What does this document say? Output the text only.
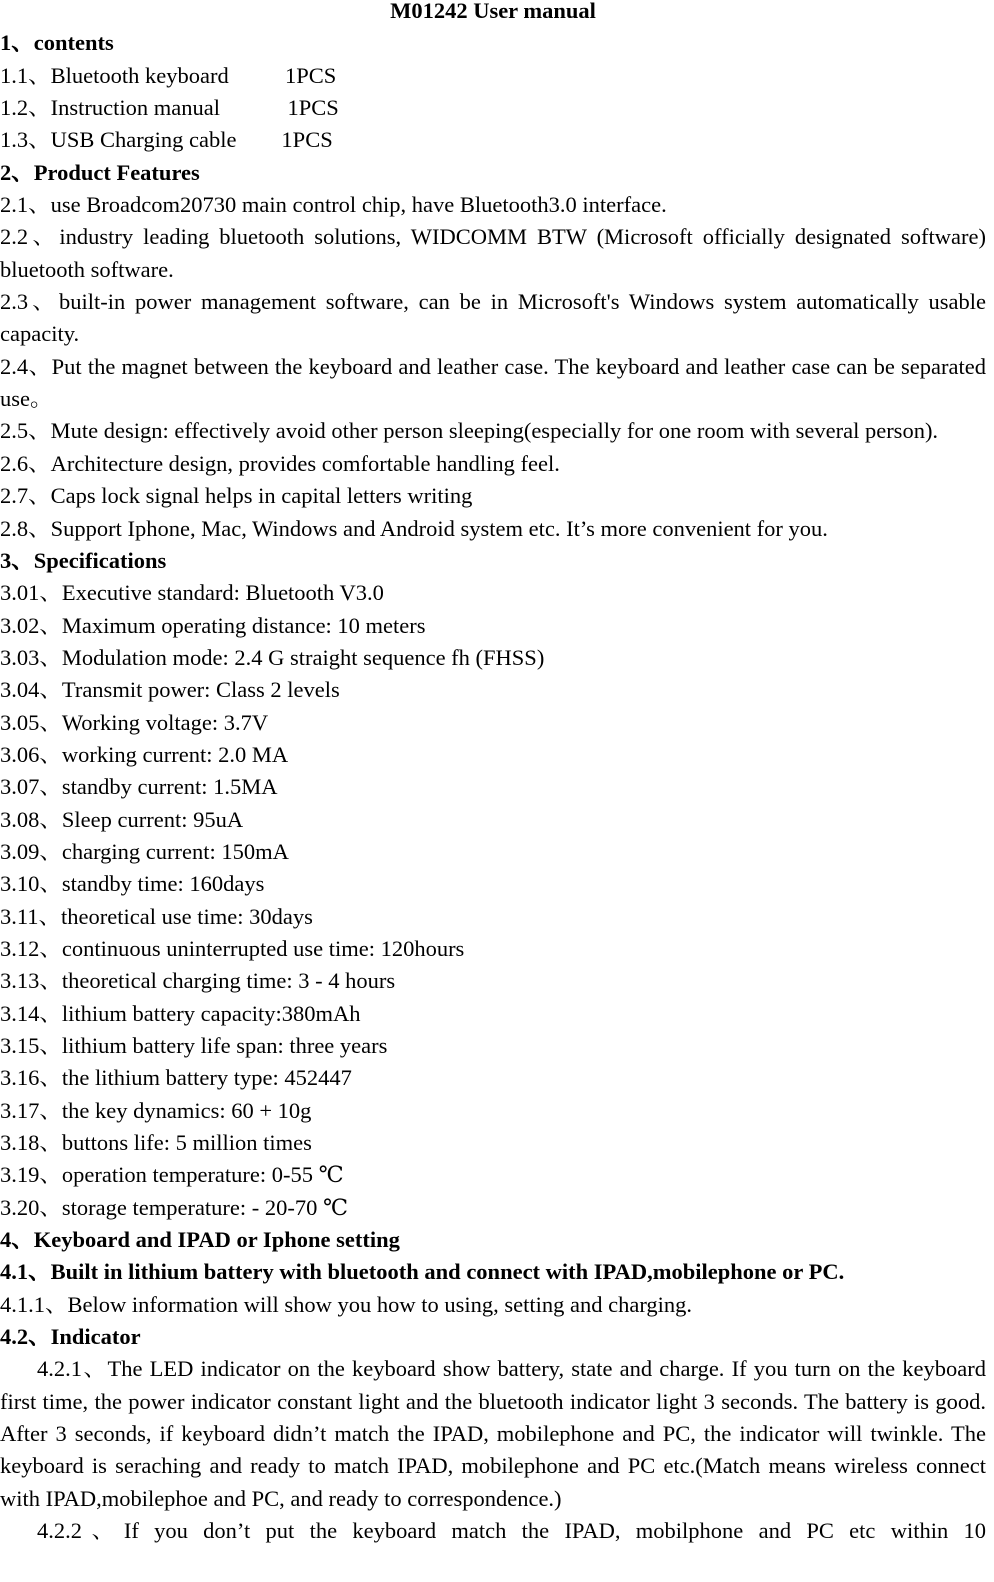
M01242 User manual
1、contents
1.1、Bluetooth keyboard          1PCS
1.2、Instruction manual            1PCS
1.3、USB Charging cable        1PCS
2、Product Features
2.1、use Broadcom20730 main control chip, have Bluetooth3.0 interface.
2.2、industry leading bluetooth solutions, WIDCOMM BTW (Microsoft officially designated software) bluetooth software.
2.3、built-in power management software, can be in Microsoft's Windows system automatically usable capacity.
2.4、Put the magnet between the keyboard and leather case. The keyboard and leather case can be separated use。
2.5、Mute design: effectively avoid other person sleeping(especially for one room with several person).
2.6、Architecture design, provides comfortable handling feel.
2.7、Caps lock signal helps in capital letters writing
2.8、Support Iphone, Mac, Windows and Android system etc. It’s more convenient for you.
3、Specifications
3.01、Executive standard: Bluetooth V3.0
3.02、Maximum operating distance: 10 meters
3.03、Modulation mode: 2.4 G straight sequence fh (FHSS)
3.04、Transmit power: Class 2 levels
3.05、Working voltage: 3.7V
3.06、working current: 2.0 MA
3.07、standby current: 1.5MA
3.08、Sleep current: 95uA
3.09、charging current: 150mA
3.10、standby time: 160days
3.11、theoretical use time: 30days
3.12、continuous uninterrupted use time: 120hours
3.13、theoretical charging time: 3 - 4 hours
3.14、lithium battery capacity:380mAh
3.15、lithium battery life span: three years
3.16、the lithium battery type: 452447
3.17、the key dynamics: 60 + 10g
3.18、buttons life: 5 million times
3.19、operation temperature: 0-55 ℃
3.20、storage temperature: - 20-70 ℃
4、Keyboard and IPAD or Iphone setting
4.1、Built in lithium battery with bluetooth and connect with IPAD,mobilephone or PC.
4.1.1、Below information will show you how to using, setting and charging.
4.2、Indicator
4.2.1、The LED indicator on the keyboard show battery, state and charge. If you turn on the keyboard first time, the power indicator constant light and the bluetooth indicator light 3 seconds. The battery is good. After 3 seconds, if keyboard didn’t match the IPAD, mobilephone and PC, the indicator will twinkle. The keyboard is seraching and ready to match IPAD, mobilephone and PC etc.(Match means wireless connect with IPAD,mobilephoe and PC, and ready to correspondence.)
4.2.2、If you don’t put the keyboard match the IPAD, mobilphone and PC etc within 10
